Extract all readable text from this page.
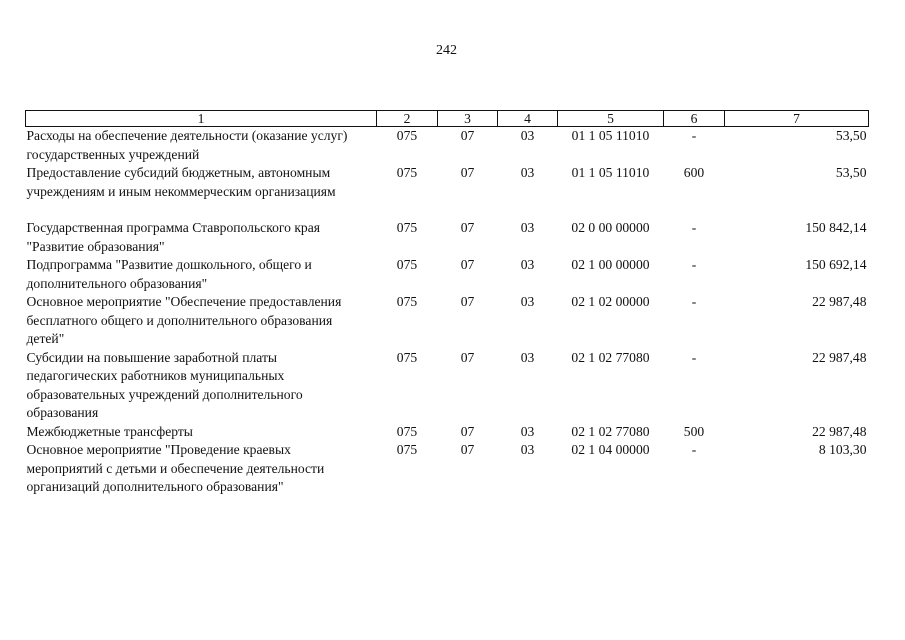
242
1	2	3	4	5	6	7
Расходы на обеспечение деятельности (оказание услуг) государственных учреждений	075	07	03	01 1 05 11010	-	53,50
Предоставление субсидий бюджетным, автономным учреждениям и иным некоммерческим организациям	075	07	03	01 1 05 11010	600	53,50

Государственная программа Ставропольского края "Развитие образования"	075	07	03	02 0 00 00000	-	150 842,14
Подпрограмма "Развитие дошкольного, общего и дополнительного образования"	075	07	03	02 1 00 00000	-	150 692,14
Основное мероприятие "Обеспечение предоставления бесплатного общего и дополнительного образования детей"	075	07	03	02 1 02 00000	-	22 987,48
Субсидии на повышение заработной платы педагогических работников муниципальных образовательных учреждений дополнительного образования	075	07	03	02 1 02 77080	-	22 987,48
Межбюджетные трансферты	075	07	03	02 1 02 77080	500	22 987,48
Основное мероприятие "Проведение краевых мероприятий с детьми и обеспечение деятельности организаций дополнительного образования"	075	07	03	02 1 04 00000	-	8 103,30
